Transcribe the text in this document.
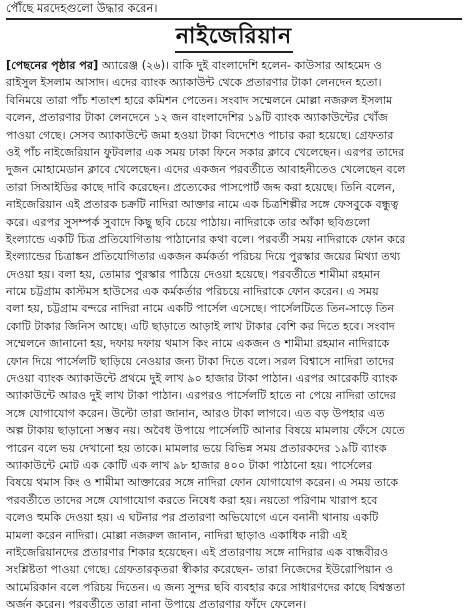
পৌঁছে মরদেহগুলো উদ্ধার করেন।
নাইজেরিয়ান
[পেছনের পৃষ্ঠার পর] অ্যারেঞ্জ (২৬)। বাকি দুই বাংলাদেশি হলেন- কাউসার আহমেদ ও
রাইসুল ইসলাম আসাদ। এদের ব্যাংক অ্যাকাউন্ট থেকে প্রতারণার টাকা লেনদেন হতো।
বিনিময়ে তারা পাঁচ শতাংশ হারে কমিশন পেতেন। সংবাদ সম্মেলনে মোল্লা নজরুল ইসলাম
বলেন, প্রতারণার টাকা লেনদেনে ১২ জন বাংলাদেশির ১৯টি ব্যাংক অ্যাকাউন্টের খোঁজ
পাওয়া গেছে। সেসব অ্যাকাউন্টে জমা হওয়া টাকা বিদেশেও পাচার করা হয়েছে। গ্রেফতার
ওই পাঁচ নাইজেরিয়ান ফুটবলার এক সময় ঢাকা ফিনে সকার ক্লাবে খেলেছেন। এরপর তাদের
দুজন মোহামেডান ক্লাবে খেলেছেন। এদের একজন পরবর্তীতে আবাহনীতেও খেলেছেন বলে
তারা সিআইডির কাছে দাবি করেছেন। প্রত্যেকের পাসপোর্ট জব্দ করা হয়েছে। তিনি বলেন,
নাইজেরিয়ান এই প্রতারক চক্রটি নাদিরা আক্তার নামে এক চিত্রশিল্পীর সঙ্গে ফেসবুকে বন্ধুত্ব
করে। এরপর সুসম্পর্ক সুবাদে কিছু ছবি চেয়ে পাঠায়। নাদিরাকে তার আঁকা ছবিগুলো
ইংল্যান্ডে একটি চিত্র প্রতিযোগিতায় পাঠানোর কথা বলে। পরবর্তী সময় নাদিরাকে ফোন করে
ইংল্যান্ডের চিত্রাঙ্কন প্রতিযোগিতার একজন কর্মকর্তা পরিচয় দিয়ে পুরস্কার জয়ের মিথ্যা তথ্য
দেওয়া হয়। বলা হয়, তোমার পুরস্কার পাঠিয়ে দেওয়া হয়েছে। পরবর্তীতে শামীমা রহমান
নামে চট্টগ্রাম কাস্টমস হাউসের এক কর্মকর্তার পরিচয়ে নাদিরাকে ফোন করেন। এ সময়
বলা হয়, চট্টগ্রাম বন্দরে নাদিরা নামে একটি পার্সেল এসেছে। পার্সেলটিতে তিন-সাড়ে তিন
কোটি টাকার জিনিস আছে। এটি ছাড়াতে আড়াই লাখ টাকার বেশি কর দিতে হবে। সংবাদ
সম্মেলনে জানানো হয়, দফায় দফায় থমাস কিং নামে একজন ও শামীমা রহমান নাদিরাকে
ফোন দিয়ে পার্সেলটি ছাড়িয়ে নেওয়ার জন্য টাকা দিতে বলে। সরল বিশ্বাসে নাদিরা তাদের
দেওয়া ব্যাংক অ্যাকাউন্টে প্রথমে দুই লাখ ৯০ হাজার টাকা পাঠান। এরপর আরেকটি ব্যাংক
অ্যাকাউন্টে আরও দুই লাখ টাকা পাঠান। এরপরও পার্সেলটি হাতে না পেয়ে নাদিরা তাদের
সঙ্গে যোগাযোগ করেন। উল্টো তারা জানান, আরও টাকা লাগবে। এত বড় উপহার এত
অল্প টাকায় ছাড়ানো সম্ভব নয়। অবৈধ উপায়ে পার্সেলটি আনার বিষয়ে মামলায় ফেঁসে যেতে
পারেন বলে ভয় দেখানো হয় তাকে। মামলার ভয়ে বিভিন্ন সময় প্রতারকদের ১৯টি ব্যাংক
অ্যাকাউন্টে মোট এক কোটি এক লাখ ৯৮ হাজার ৪০০ টাকা পাঠানো হয়। পার্সেলের
বিষয়ে থমাস কিং ও শামীমা আক্তারের সঙ্গে নাদিরা ফোন যোগাযোগ করেন। এ সময় তাকে
পরবর্তীতে তাদের সঙ্গে যোগাযোগ করতে নিষেধ করা হয়। নয়তো পরিণাম খারাপ হবে
বলেও হুমকি দেওয়া হয়। এ ঘটনার পর প্রতারণা অভিযোগে এনে বনানী থানায় একটি
মামলা করেন নাদিরা। মোল্লা নজরুল জানান, নাদিরা ছাড়াও একাধিক নারী এই
নাইজেরিয়ানদের প্রতারণার শিকার হয়েছেন। এই প্রতারণায় সঙ্গে নাদিরার এক বান্ধবীরও
সংশ্লিষ্টতা পাওয়া গেছে। গ্রেফতারকৃতরা স্বীকার করেছেন- তারা নিজেদের ইউরোপিয়ান ও
আমেরিকান বলে পরিচয় দিতেন। এ জন্য সুন্দর ছবি ব্যবহার করে সাধারণদের কাছে বিশ্বস্ততা
অর্জন করেন। পরবর্তীতে তারা নানা উপায়ে প্রতারণার ফাঁদে ফেলেন।
